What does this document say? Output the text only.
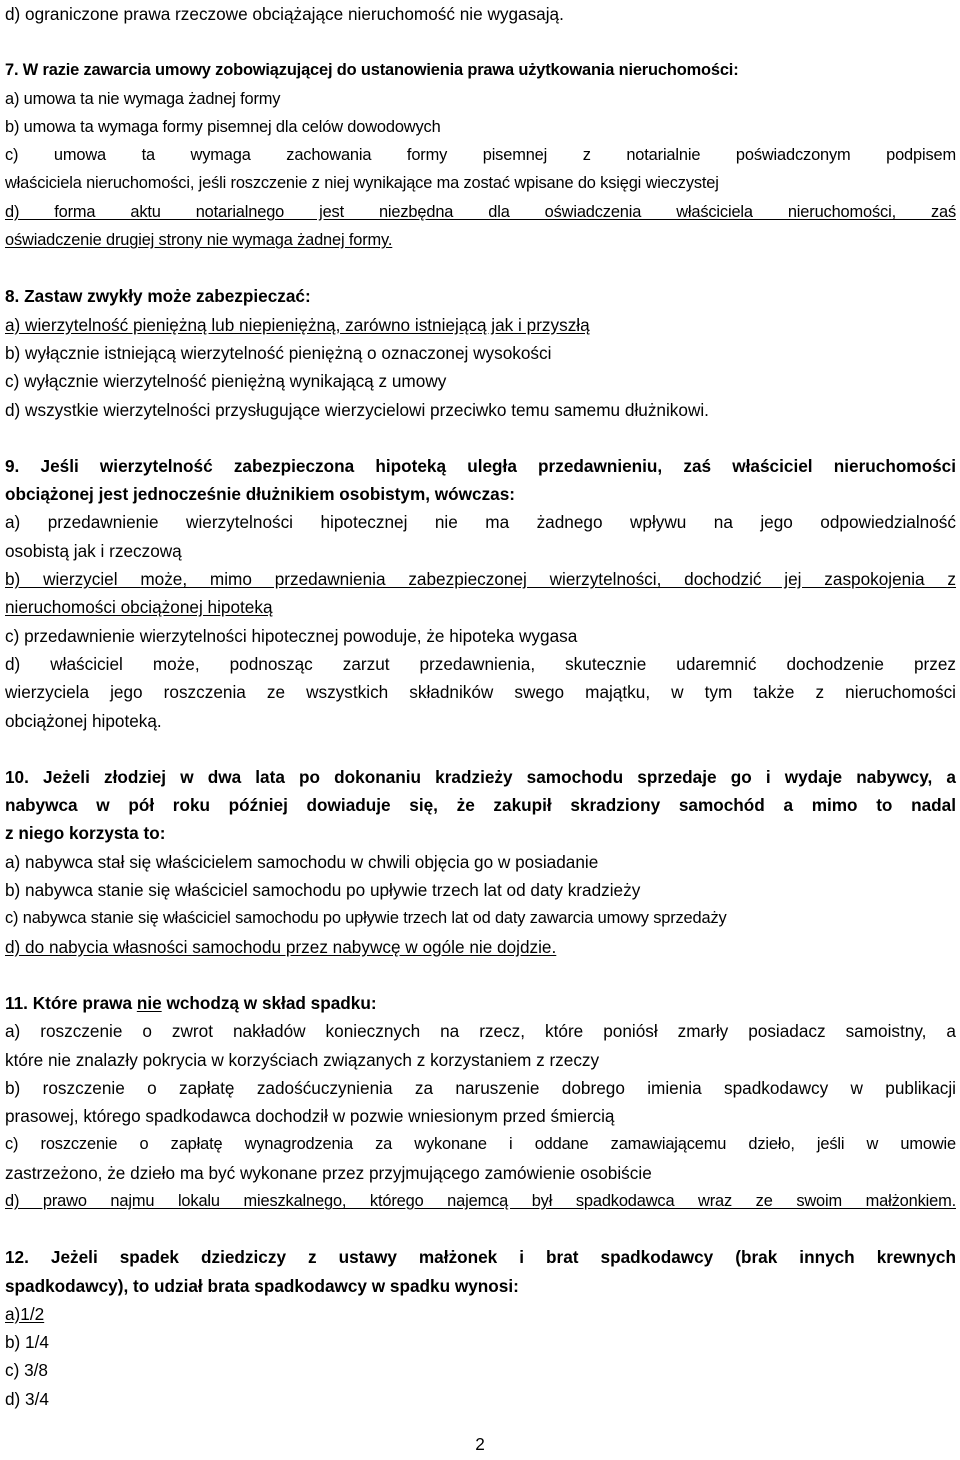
d) ograniczone prawa rzeczowe obciążające nieruchomość nie wygasają.
7. W razie zawarcia umowy zobowiązującej do ustanowienia prawa użytkowania nieruchomości:
a) umowa ta nie wymaga żadnej formy
b) umowa ta wymaga formy pisemnej dla celów dowodowych
c) umowa ta wymaga zachowania formy pisemnej z notarialnie poświadczonym podpisem
właściciela nieruchomości, jeśli roszczenie z niej wynikające ma zostać wpisane do księgi wieczystej
d) forma aktu notarialnego jest niezbędna dla oświadczenia właściciela nieruchomości, zaś
oświadczenie drugiej strony nie wymaga żadnej formy.
8. Zastaw zwykły może zabezpieczać:
a) wierzytelność pieniężną lub niepieniężną, zarówno istniejącą jak i przyszłą
b) wyłącznie istniejącą wierzytelność pieniężną o oznaczonej wysokości
c) wyłącznie wierzytelność pieniężną wynikającą z umowy
d) wszystkie wierzytelności przysługujące wierzycielowi przeciwko temu samemu dłużnikowi.
9. Jeśli wierzytelność zabezpieczona hipoteką uległa przedawnieniu, zaś właściciel nieruchomości
obciążonej jest jednocześnie dłużnikiem osobistym, wówczas:
a) przedawnienie wierzytelności hipotecznej nie ma żadnego wpływu na jego odpowiedzialność
osobistą jak i rzeczową
b) wierzyciel może, mimo przedawnienia zabezpieczonej wierzytelności, dochodzić jej zaspokojenia z
nieruchomości obciążonej hipoteką
c) przedawnienie wierzytelności hipotecznej powoduje, że hipoteka wygasa
d) właściciel może, podnosząc zarzut przedawnienia, skutecznie udaremnić dochodzenie przez
wierzyciela jego roszczenia ze wszystkich składników swego majątku, w tym także z nieruchomości
obciążonej hipoteką.
10. Jeżeli złodziej w dwa lata po dokonaniu kradzieży samochodu sprzedaje go i wydaje nabywcy, a
nabywca w pół roku później dowiaduje się, że zakupił skradziony samochód a mimo to nadal
z niego korzysta to:
a) nabywca stał się właścicielem samochodu w chwili objęcia go w posiadanie
b) nabywca stanie się właściciel samochodu po upływie trzech lat od daty kradzieży
c) nabywca stanie się właściciel samochodu po upływie trzech lat od daty zawarcia umowy sprzedaży
d) do nabycia własności samochodu przez nabywcę w ogóle nie dojdzie.
11. Które prawa nie wchodzą w skład spadku:
a) roszczenie o zwrot nakładów koniecznych na rzecz, które poniósł zmarły posiadacz samoistny, a
które nie znalazły pokrycia w korzyściach związanych z korzystaniem z rzeczy
b) roszczenie o zapłatę zadośćuczynienia za naruszenie dobrego imienia spadkodawcy w publikacji
prasowej, którego spadkodawca dochodził w pozwie wniesionym przed śmiercią
c) roszczenie o zapłatę wynagrodzenia za wykonane i oddane zamawiającemu dzieło, jeśli w umowie
zastrzeżono, że dzieło ma być wykonane przez przyjmującego zamówienie osobiście
d) prawo najmu lokalu mieszkalnego, którego najemcą był spadkodawca wraz ze swoim małżonkiem.
12. Jeżeli spadek dziedziczy z ustawy małżonek i brat spadkodawcy (brak innych krewnych
spadkodawcy), to udział brata spadkodawcy w spadku wynosi:
a)1/2
b) 1/4
c) 3/8
d) 3/4
2
